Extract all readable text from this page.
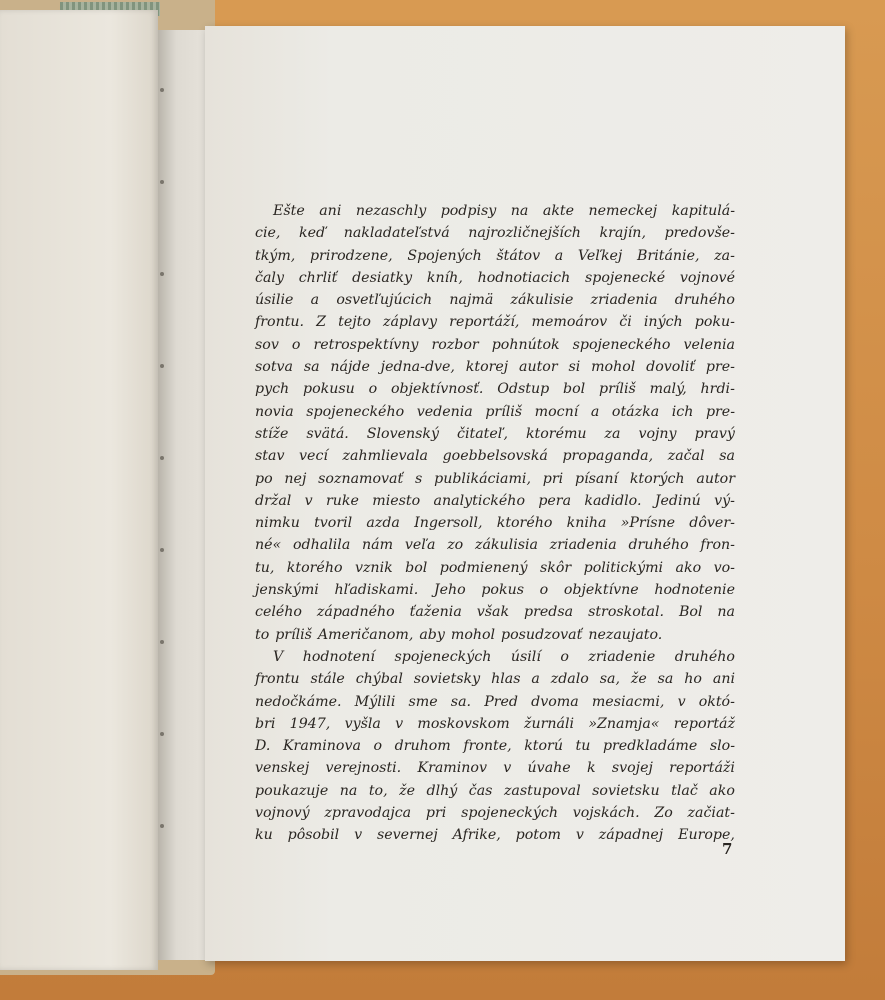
Ešte ani nezaschly podpisy na akte nemeckej kapitulá-
cie, keď nakladateľstvá najrozličnejších krajín, predovše-
tkým, prirodzene, Spojených štátov a Veľkej Británie, za-
čaly chrliť desiatky kníh, hodnotiacich spojenecké vojnové
úsilie a osvetľujúcich najmä zákulisie zriadenia druhého
frontu. Z tejto záplavy reportáží, memoárov či iných poku-
sov o retrospektívny rozbor pohnútok spojeneckého velenia
sotva sa nájde jedna-dve, ktorej autor si mohol dovoliť pre-
pych pokusu o objektívnosť. Odstup bol príliš malý, hrdi-
novia spojeneckého vedenia príliš mocní a otázka ich pre-
stíže svätá. Slovenský čitateľ, ktorému za vojny pravý
stav vecí zahmlievala goebbelsovská propaganda, začal sa
po nej soznamovať s publikáciami, pri písaní ktorých autor
držal v ruke miesto analytického pera kadidlo. Jedinú vý-
nimku tvoril azda Ingersoll, ktorého kniha »Prísne dôver-
né« odhalila nám veľa zo zákulisia zriadenia druhého fron-
tu, ktorého vznik bol podmienený skôr politickými ako vo-
jenskými hľadiskami. Jeho pokus o objektívne hodnotenie
celého západného ťaženia však predsa stroskotal. Bol na
to príliš Američanom, aby mohol posudzovať nezaujato.
V hodnotení spojeneckých úsilí o zriadenie druhého
frontu stále chýbal sovietsky hlas a zdalo sa, že sa ho ani
nedočkáme. Mýlili sme sa. Pred dvoma mesiacmi, v októ-
bri 1947, vyšla v moskovskom žurnáli »Znamja« reportáž
D. Kraminova o druhom fronte, ktorú tu predkladáme slo-
venskej verejnosti. Kraminov v úvahe k svojej reportáži
poukazuje na to, že dlhý čas zastupoval sovietsku tlač ako
vojnový zpravodajca pri spojeneckých vojskách. Zo začiat-
ku pôsobil v severnej Afrike, potom v západnej Europe,
7
